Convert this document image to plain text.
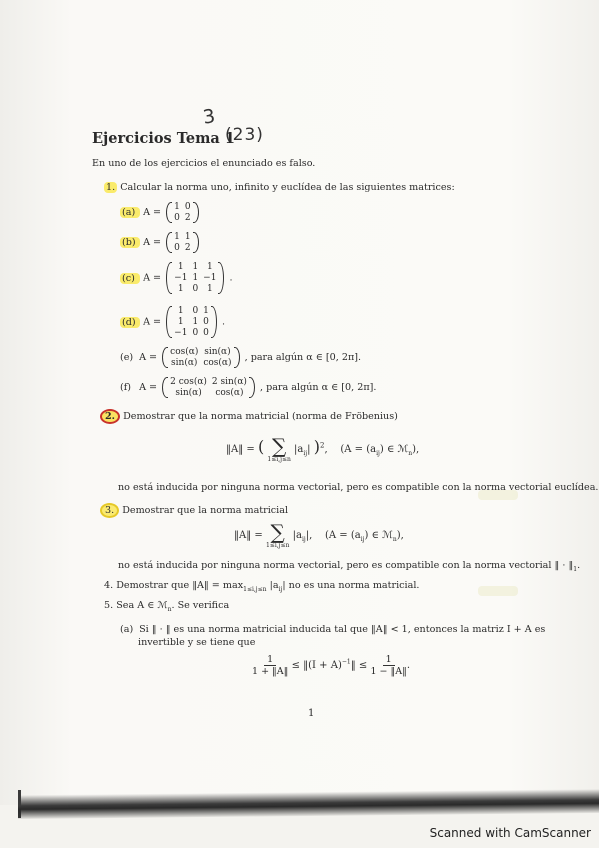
3
(23)
Ejercicios Tema 1
En uno de los ejercicios el enunciado es falso.
1. Calcular la norma uno, infinito y euclídea de las siguientes matrices:
(a) A = 1 0
0 2
(b) A = 1 1
0 2
(c) A =
1 1 1
−1 1 −1
1 0 1
.
(d) A =
1 0 1
1 1 0
−1 0 0
.
(e) A = cos(α) sin(α)
sin(α) cos(α) , para algún α ∈ [0, 2π].
(f) A = 2 cos(α) 2 sin(α)
sin(α)	cos(α)	, para algún α ∈ [0, 2π].
2. Demostrar que la norma matricial (norma de Fröbenius)
‖A‖ = ( ∑
1≤i,j≤n
$|a_{ij}|$ )$^2$,    ($A = (a_{ij})$ ∈ ℳ$_n$),
no está inducida por ninguna norma vectorial, pero es compatible con la norma vectorial euclídea.
3. Demostrar que la norma matricial
‖A‖ = ∑
1≤i,j≤n
$|a_{ij}|$,    ($A = (a_{ij})$ ∈ ℳ$_n$),
no está inducida por ninguna norma vectorial, pero es compatible con la norma vectorial ‖ · $‖_1$.
4. Demostrar que ‖A‖ = $\max_{1\le i,j\le n} |a_{ij}|$ no es una norma matricial.
5. Sea A ∈ ℳ$_n$. Se verifica
(a) Si ‖ · ‖ es una norma matricial inducida tal que ‖A‖ < 1, entonces la matriz I + A es
invertible y se tiene que
$\frac{1}{1 + ‖A‖}$ ≤ ‖(I + A)$^{-1}$‖ ≤ $\frac{1}{1 - ‖A‖}$ .
1
Scanned with CamScanner
